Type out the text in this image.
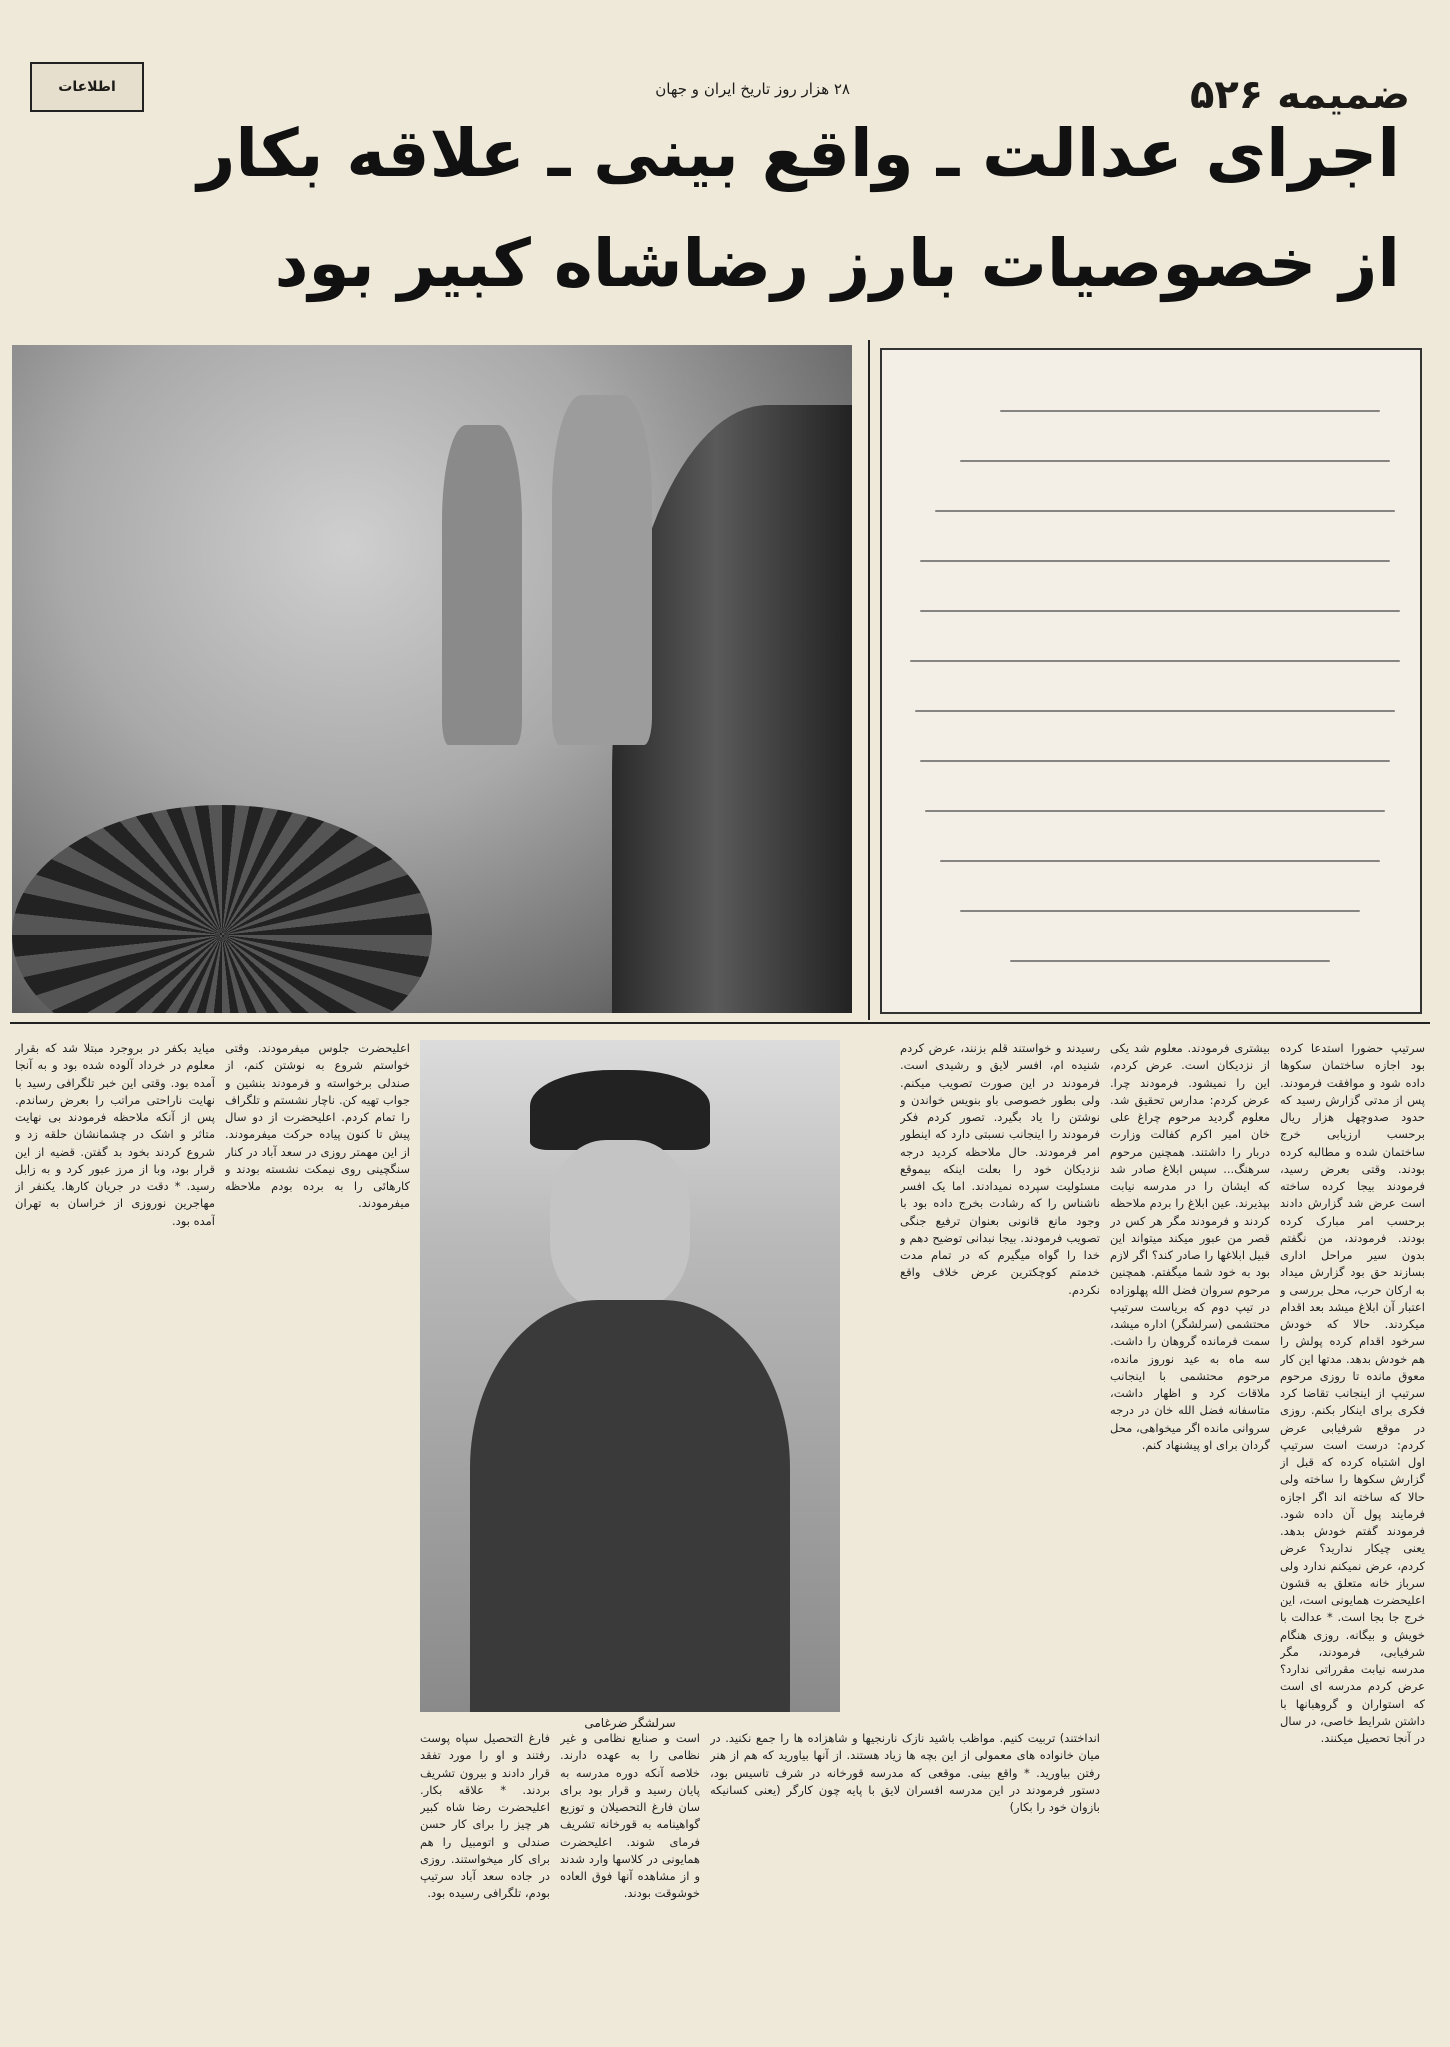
ضمیمه ۵۲۶
۲۸ هزار روز تاریخ ایران و جهان
اطلاعات
اجرای عدالت ـ واقع بینی ـ علاقه بکار
از خصوصیات بارز رضاشاه کبیر بود
سرلشگر ضرغامی
سرتیپ حضورا استدعا کرده بود اجازه ساختمان سکوها داده شود و موافقت فرمودند. پس از مدتی گزارش رسید که حدود صدوچهل هزار ریال برحسب ارزیابی خرج ساختمان شده و مطالبه کرده بودند. وقتی بعرض رسید، فرمودند بیجا کرده ساخته است عرض شد گزارش دادند برحسب امر مبارک کرده بودند. فرمودند، من نگفتم بدون سیر مراحل اداری بسازند حق بود گزارش میداد به ارکان حرب، محل بررسی و اعتبار آن ابلاغ میشد بعد اقدام میکردند. حالا که خودش سرخود اقدام کرده پولش را هم خودش بدهد. مدتها این کار معوق مانده تا روزی مرحوم سرتیپ از اینجانب تقاضا کرد فکری برای اینکار بکنم. روزی در موقع شرفیابی عرض کردم: درست است سرتیپ اول اشتباه کرده که قبل از گزارش سکوها را ساخته ولی حالا که ساخته اند اگر اجازه فرمایند پول آن داده شود. فرمودند گفتم خودش بدهد. یعنی چیکار ندارید؟ عرض کردم، عرض نمیکنم ندارد ولی سرباز خانه متعلق به قشون اعلیحضرت همایونی است، این خرج جا بجا است. * عدالت با خویش و بیگانه. روزی هنگام شرفیابی، فرمودند، مگر مدرسه نیابت مقرراتی ندارد؟ عرض کردم مدرسه ای است که استواران و گروهبانها با داشتن شرایط خاصی، در سال در آنجا تحصیل میکنند.
بیشتری فرمودند. معلوم شد یکی از نزدیکان است. عرض کردم، این را نمیشود. فرمودند چرا. عرض کردم: مدارس تحقیق شد. معلوم گردید مرحوم چراغ علی خان امیر اکرم کفالت وزارت دربار را داشتند. همچنین مرحوم سرهنگ... سپس ابلاغ صادر شد که ایشان را در مدرسه نیابت بپذیرند. عین ابلاغ را بردم ملاحظه کردند و فرمودند مگر هر کس در قصر من عبور میکند میتواند این قبیل ابلاغها را صادر کند؟ اگر لازم بود به خود شما میگفتم. همچنین مرحوم سروان فضل الله پهلوزاده در تیپ دوم که بریاست سرتیپ محتشمی (سرلشگر) اداره میشد، سمت فرمانده گروهان را داشت. سه ماه به عید نوروز مانده، مرحوم محتشمی با اینجانب ملاقات کرد و اظهار داشت، متاسفانه فضل الله خان در درجه سروانی مانده اگر میخواهی، محل گردان برای او پیشنهاد کنم.
رسیدند و خواستند قلم بزنند، عرض کردم شنیده ام، افسر لایق و رشیدی است. فرمودند در این صورت تصویب میکنم. ولی بطور خصوصی باو بنویس خواندن و نوشتن را یاد بگیرد. تصور کردم فکر فرمودند را اینجانب نسبتی دارد که اینطور امر فرمودند. حال ملاحظه کردید درجه نزدیکان خود را بعلت اینکه بیموقع مسئولیت سپرده نمیدادند. اما یک افسر ناشناس را که رشادت بخرج داده بود با وجود مانع قانونی بعنوان ترفیع جنگی تصویب فرمودند. بیجا نبدانی توضیح دهم و خدا را گواه میگیرم که در تمام مدت خدمتم کوچکترین عرض خلاف واقع نکردم.
انداختند) تربیت کنیم. مواظب باشید نازک نارنجیها و شاهزاده ها را جمع نکنید. در میان خانواده های معمولی از این بچه ها زیاد هستند. از آنها بیاورید که هم از هنر رفتن بیاورید. * واقع بینی. موقعی که مدرسه قورخانه در شرف تاسیس بود، دستور فرمودند در این مدرسه افسران لایق با پایه چون کارگر (یعنی کسانیکه بازوان خود را بکار)
است و صنایع نظامی و غیر نظامی را به عهده دارند. خلاصه آنکه دوره مدرسه به پایان رسید و قرار بود برای سان فارغ التحصیلان و توزیع گواهینامه به قورخانه تشریف فرمای شوند. اعلیحضرت همایونی در کلاسها وارد شدند و از مشاهده آنها فوق العاده خوشوقت بودند.
فارغ التحصیل سپاه پوست رفتند و او را مورد تفقد قرار دادند و بیرون تشریف بردند. * علاقه بکار. اعلیحضرت رضا شاه کبیر هر چیز را برای کار حسن صندلی و اتومبیل را هم برای کار میخواستند. روزی در جاده سعد آباد سرتیپ بودم، تلگرافی رسیده بود.
اعلیحضرت جلوس میفرمودند. وقتی خواستم شروع به نوشتن کنم، از صندلی برخواسته و فرمودند بنشین و جواب تهیه کن. ناچار نشستم و تلگراف را تمام کردم. اعلیحضرت از دو سال پیش تا کنون پیاده حرکت میفرمودند. از این مهمتر روزی در سعد آباد در کنار سنگچینی روی نیمکت نشسته بودند و کارهائی را به برده بودم ملاحظه میفرمودند.
میاید بکفر در بروجرد مبتلا شد که بقرار معلوم در خرداد آلوده شده بود و به آنجا آمده بود. وقتی این خبر تلگرافی رسید با نهایت ناراحتی مراتب را بعرض رساندم. پس از آنکه ملاحظه فرمودند بی نهایت متاثر و اشک در چشمانشان حلقه زد و شروع کردند بخود بد گفتن. قضیه از این قرار بود، وبا از مرز عبور کرد و به زابل رسید. * دقت در جریان کارها. یکنفر از مهاجرین نوروزی از خراسان به تهران آمده بود.
